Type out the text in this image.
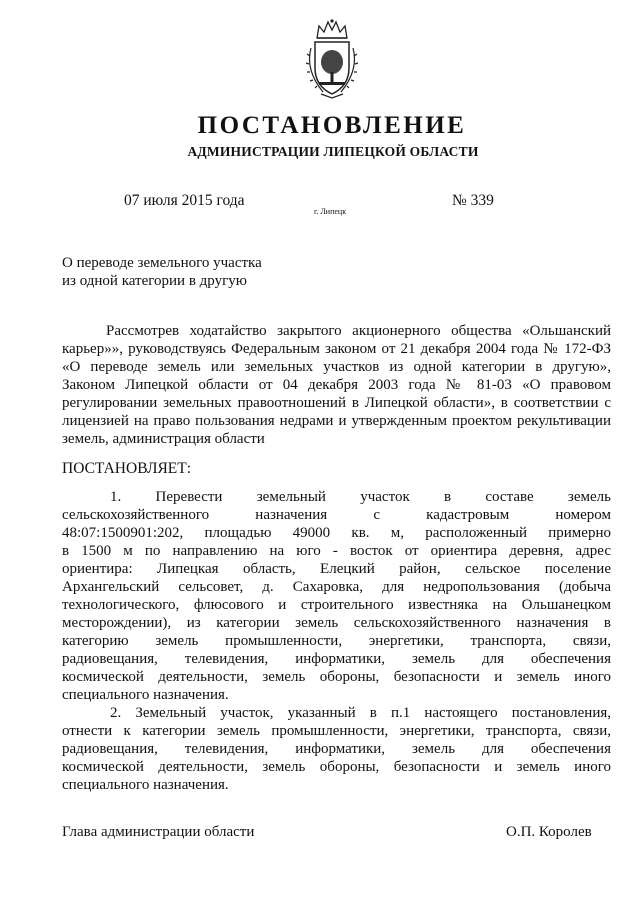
ПОСТАНОВЛЕНИЕ
АДМИНИСТРАЦИИ ЛИПЕЦКОЙ ОБЛАСТИ
07 июля 2015 года
г. Липецк
№ 339
О переводе земельного участка
из одной категории в другую
Рассмотрев ходатайство закрытого акционерного общества «Ольшанский
карьер»», руководствуясь Федеральным законом от 21 декабря 2004 года № 172-ФЗ
«О переводе земель или земельных участков из одной категории в другую»,
Законом Липецкой области от 04 декабря 2003 года № 81-03 «О правовом
регулировании земельных правоотношений в Липецкой области», в соответствии с
лицензией на право пользования недрами и утвержденным проектом рекультивации
земель, администрация области
ПОСТАНОВЛЯЕТ:
1. Перевести земельный участок в составе земель
сельскохозяйственного назначения с кадастровым номером
48:07:1500901:202, площадью 49000 кв. м, расположенный примерно
в 1500 м по направлению на юго - восток от ориентира деревня, адрес
ориентира: Липецкая область, Елецкий район, сельское поселение
Архангельский сельсовет, д. Сахаровка, для недропользования (добыча
технологического, флюсового и строительного известняка на Ольшанецком
месторождении), из категории земель сельскохозяйственного назначения в
категорию земель промышленности, энергетики, транспорта, связи,
радиовещания, телевидения, информатики, земель для обеспечения
космической деятельности, земель обороны, безопасности и земель иного
специального назначения.
2. Земельный участок, указанный в п.1 настоящего постановления,
отнести к категории земель промышленности, энергетики, транспорта, связи,
радиовещания, телевидения, информатики, земель для обеспечения
космической деятельности, земель обороны, безопасности и земель иного
специального назначения.
Глава администрации области	О.П. Королев
